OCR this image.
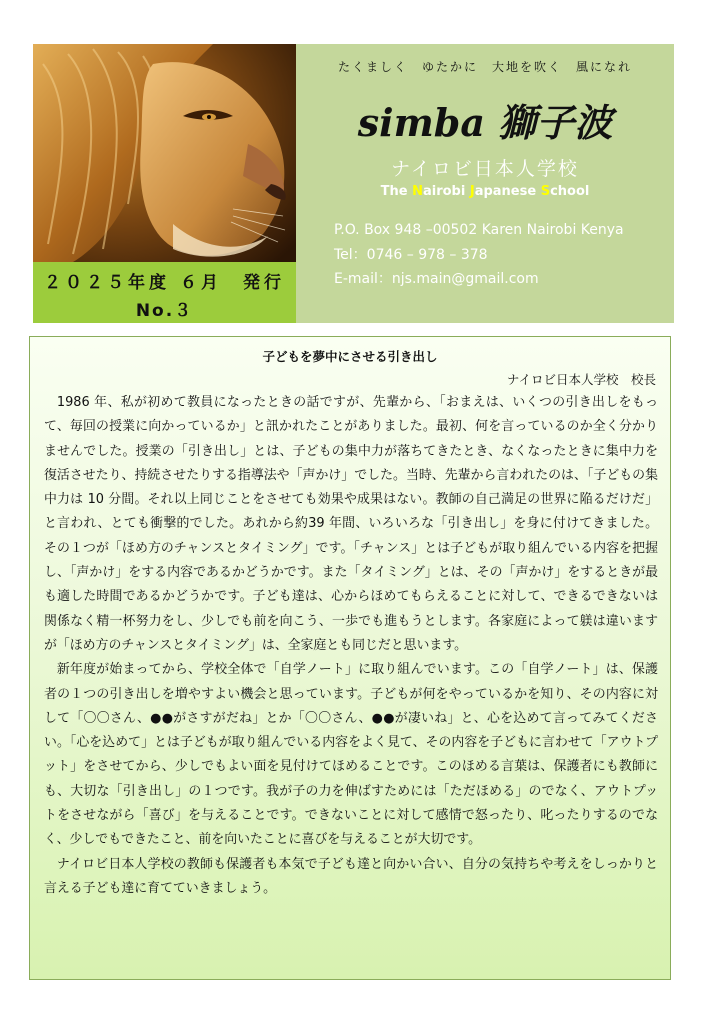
２０２５年度 ６月　発行
No.３
たくましく　ゆたかに　大地を吹く　風になれ
simba 獅子波
ナイロビ日本人学校
The Nairobi Japanese School
P.O. Box 948 –00502 Karen Nairobi Kenya
Tel：0746 – 978 – 378
E-mail：njs.main@gmail.com
子どもを夢中にさせる引き出し
ナイロビ日本人学校　校長

1986 年、私が初めて教員になったときの話ですが、先輩から、「おまえは、いくつの引き出しをもって、毎回の授業に向かっているか」と訊かれたことがありました。最初、何を言っているのか全く分かりませんでした。授業の「引き出し」とは、子どもの集中力が落ちてきたとき、なくなったときに集中力を復活させたり、持続させたりする指導法や「声かけ」でした。当時、先輩から言われたのは、「子どもの集中力は 10 分間。それ以上同じことをさせても効果や成果はない。教師の自己満足の世界に陥るだけだ」と言われ、とても衝撃的でした。あれから約39 年間、いろいろな「引き出し」を身に付けてきました。その１つが「ほめ方のチャンスとタイミング」です。「チャンス」とは子どもが取り組んでいる内容を把握し、「声かけ」をする内容であるかどうかです。また「タイミング」とは、その「声かけ」をするときが最も適した時間であるかどうかです。子ども達は、心からほめてもらえることに対して、できるできないは関係なく精一杯努力をし、少しでも前を向こう、一歩でも進もうとします。各家庭によって躾は違いますが「ほめ方のチャンスとタイミング」は、全家庭とも同じだと思います。

新年度が始まってから、学校全体で「自学ノート」に取り組んでいます。この「自学ノート」は、保護者の１つの引き出しを増やすよい機会と思っています。子どもが何をやっているかを知り、その内容に対して「〇〇さん、●●がさすがだね」とか「〇〇さん、●●が凄いね」と、心を込めて言ってみてください。「心を込めて」とは子どもが取り組んでいる内容をよく見て、その内容を子どもに言わせて「アウトプット」をさせてから、少しでもよい面を見付けてほめることです。このほめる言葉は、保護者にも教師にも、大切な「引き出し」の１つです。我が子の力を伸ばすためには「ただほめる」のでなく、アウトプットをさせながら「喜び」を与えることです。できないことに対して感情で怒ったり、叱ったりするのでなく、少しでもできたこと、前を向いたことに喜びを与えることが大切です。

ナイロビ日本人学校の教師も保護者も本気で子ども達と向かい合い、自分の気持ちや考えをしっかりと言える子ども達に育てていきましょう。
